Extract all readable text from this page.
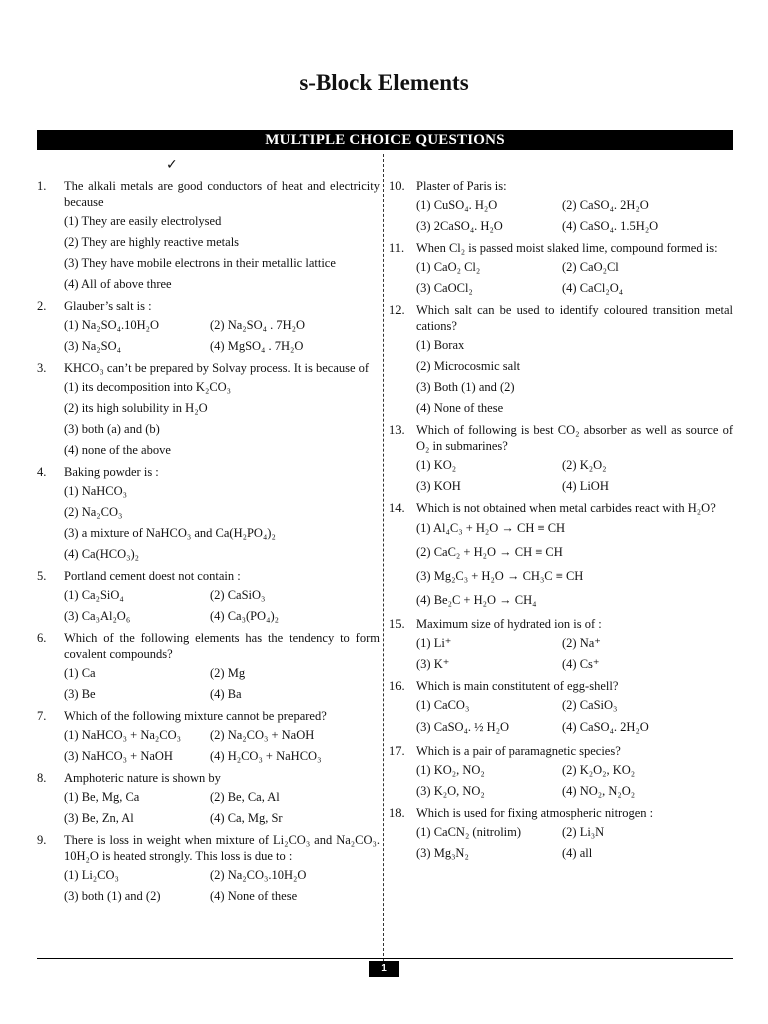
s-Block Elements
MULTIPLE CHOICE QUESTIONS
✓
1.	The alkali metals are good conductors of heat and electricity because
(1) They are easily electrolysed
(2) They are highly reactive metals
(3) They have mobile electrons in their metallic lattice
(4) All of above three
2.	Glauber’s salt is :
(1) Na₂SO₄.10H₂O	(2) Na₂SO₄ . 7H₂O
(3) Na₂SO₄	(4) MgSO₄ . 7H₂O
3.	KHCO₃ can’t be prepared by Solvay process. It is because of
(1) its decomposition into K₂CO₃
(2) its high solubility in H₂O
(3) both (a) and (b)
(4) none of the above
4.	Baking powder is :
(1) NaHCO₃
(2) Na₂CO₃
(3) a mixture of NaHCO₃ and Ca(H₂PO₄)₂
(4) Ca(HCO₃)₂
5.	Portland cement doest not contain :
(1) Ca₂SiO₄	(2) CaSiO₃
(3) Ca₃Al₂O₆	(4) Ca₃(PO₄)₂
6.	Which of the following elements has the tendency to form covalent compounds?
(1) Ca	(2) Mg
(3) Be	(4) Ba
7.	Which of the following mixture cannot be prepared?
(1) NaHCO₃ + Na₂CO₃	(2) Na₂CO₃ + NaOH
(3) NaHCO₃ + NaOH	(4) H₂CO₃ + NaHCO₃
8.	Amphoteric nature is shown by
(1) Be, Mg, Ca	(2) Be, Ca, Al
(3) Be, Zn, Al	(4) Ca, Mg, Sr
9.	There is loss in weight when mixture of Li₂CO₃ and Na₂CO₃. 10H₂O is heated strongly. This loss is due to :
(1) Li₂CO₃	(2) Na₂CO₃.10H₂O
(3) both (1) and (2)	(4) None of these
10. Plaster of Paris is:
(1) CuSO₄. H₂O	(2) CaSO₄. 2H₂O
(3) 2CaSO₄. H₂O	(4) CaSO₄. 1.5H₂O
11. When Cl₂ is passed moist slaked lime, compound formed is:
(1) CaO₂ Cl₂	(2) CaO₂Cl
(3) CaOCl₂	(4) CaCl₂O₄
12. Which salt can be used to identify coloured transition metal cations?
(1) Borax
(2) Microcosmic salt
(3) Both (1) and (2)
(4) None of these
13. Which of following is best CO₂ absorber as well as source of O₂ in submarines?
(1) KO₂	(2) K₂O₂
(3) KOH	(4) LiOH
14. Which is not obtained when metal carbides react with H₂O?
(1) Al₄C₃ + H₂O → CH ≡ CH
(2) CaC₂ + H₂O → CH ≡ CH
(3) Mg₂C₃ + H₂O → CH₃C ≡ CH
(4) Be₂C + H₂O → CH₄
15. Maximum size of hydrated ion is of :
(1) Li⁺	(2) Na⁺
(3) K⁺	(4) Cs⁺
16. Which is main constitutent of egg-shell?
(1) CaCO₃	(2) CaSiO₃
(3) CaSO₄. ½ H₂O	(4) CaSO₄. 2H₂O
17. Which is a pair of paramagnetic species?
(1) KO₂, NO₂	(2) K₂O₂, KO₂
(3) K₂O, NO₂	(4) NO₂, N₂O₂
18. Which is used for fixing atmospheric nitrogen :
(1) CaCN₂ (nitrolim)	(2) Li₃N
(3) Mg₃N₂	(4) all
1
